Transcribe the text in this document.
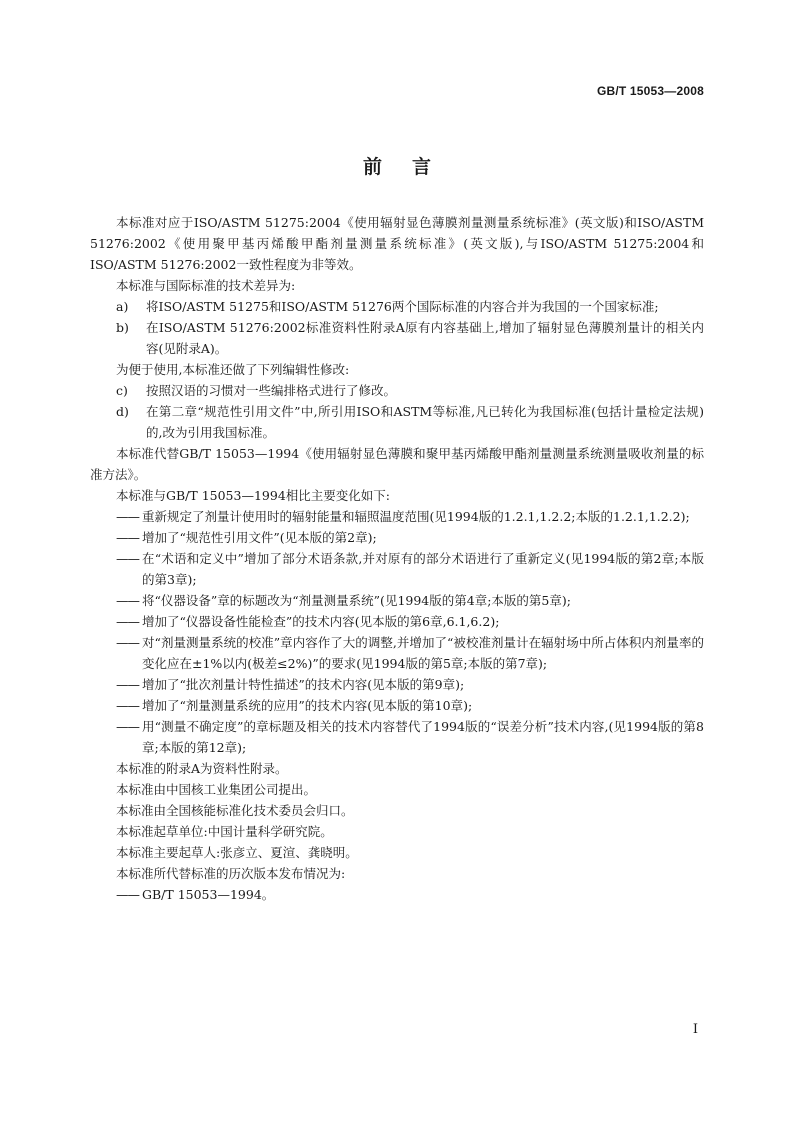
GB/T 15053—2008
前言

本标准对应于ISO/ASTM 51275:2004《使用辐射显色薄膜剂量测量系统标准》(英文版)和ISO/ASTM 51276:2002《使用聚甲基丙烯酸甲酯剂量测量系统标准》(英文版),与ISO/ASTM 51275:2004和ISO/ASTM 51276:2002一致性程度为非等效。

本标准与国际标准的技术差异为:

a)	将ISO/ASTM 51275和ISO/ASTM 51276两个国际标准的内容合并为我国的一个国家标准;
b)	在ISO/ASTM 51276:2002标准资料性附录A原有内容基础上,增加了辐射显色薄膜剂量计的相关内容(见附录A)。

为便于使用,本标准还做了下列编辑性修改:

c)	按照汉语的习惯对一些编排格式进行了修改。
d)	在第二章“规范性引用文件”中,所引用ISO和ASTM等标准,凡已转化为我国标准(包括计量检定法规)的,改为引用我国标准。

本标准代替GB/T 15053—1994《使用辐射显色薄膜和聚甲基丙烯酸甲酯剂量测量系统测量吸收剂量的标准方法》。

本标准与GB/T 15053—1994相比主要变化如下:

—— 重新规定了剂量计使用时的辐射能量和辐照温度范围(见1994版的1.2.1,1.2.2;本版的1.2.1,1.2.2);
—— 增加了“规范性引用文件”(见本版的第2章);
—— 在“术语和定义中”增加了部分术语条款,并对原有的部分术语进行了重新定义(见1994版的第2章;本版的第3章);
—— 将“仪器设备”章的标题改为“剂量测量系统”(见1994版的第4章;本版的第5章);
—— 增加了“仪器设备性能检查”的技术内容(见本版的第6章,6.1,6.2);
—— 对“剂量测量系统的校准”章内容作了大的调整,并增加了“被校准剂量计在辐射场中所占体积内剂量率的变化应在±1%以内(极差≤2%)”的要求(见1994版的第5章;本版的第7章);
—— 增加了“批次剂量计特性描述”的技术内容(见本版的第9章);
—— 增加了“剂量测量系统的应用”的技术内容(见本版的第10章);
—— 用“测量不确定度”的章标题及相关的技术内容替代了1994版的“误差分析”技术内容,(见1994版的第8章;本版的第12章);

本标准的附录A为资料性附录。

本标准由中国核工业集团公司提出。

本标准由全国核能标准化技术委员会归口。

本标准起草单位:中国计量科学研究院。

本标准主要起草人:张彦立、夏渲、龚晓明。

本标准所代替标准的历次版本发布情况为:

—— GB/T 15053—1994。
I
